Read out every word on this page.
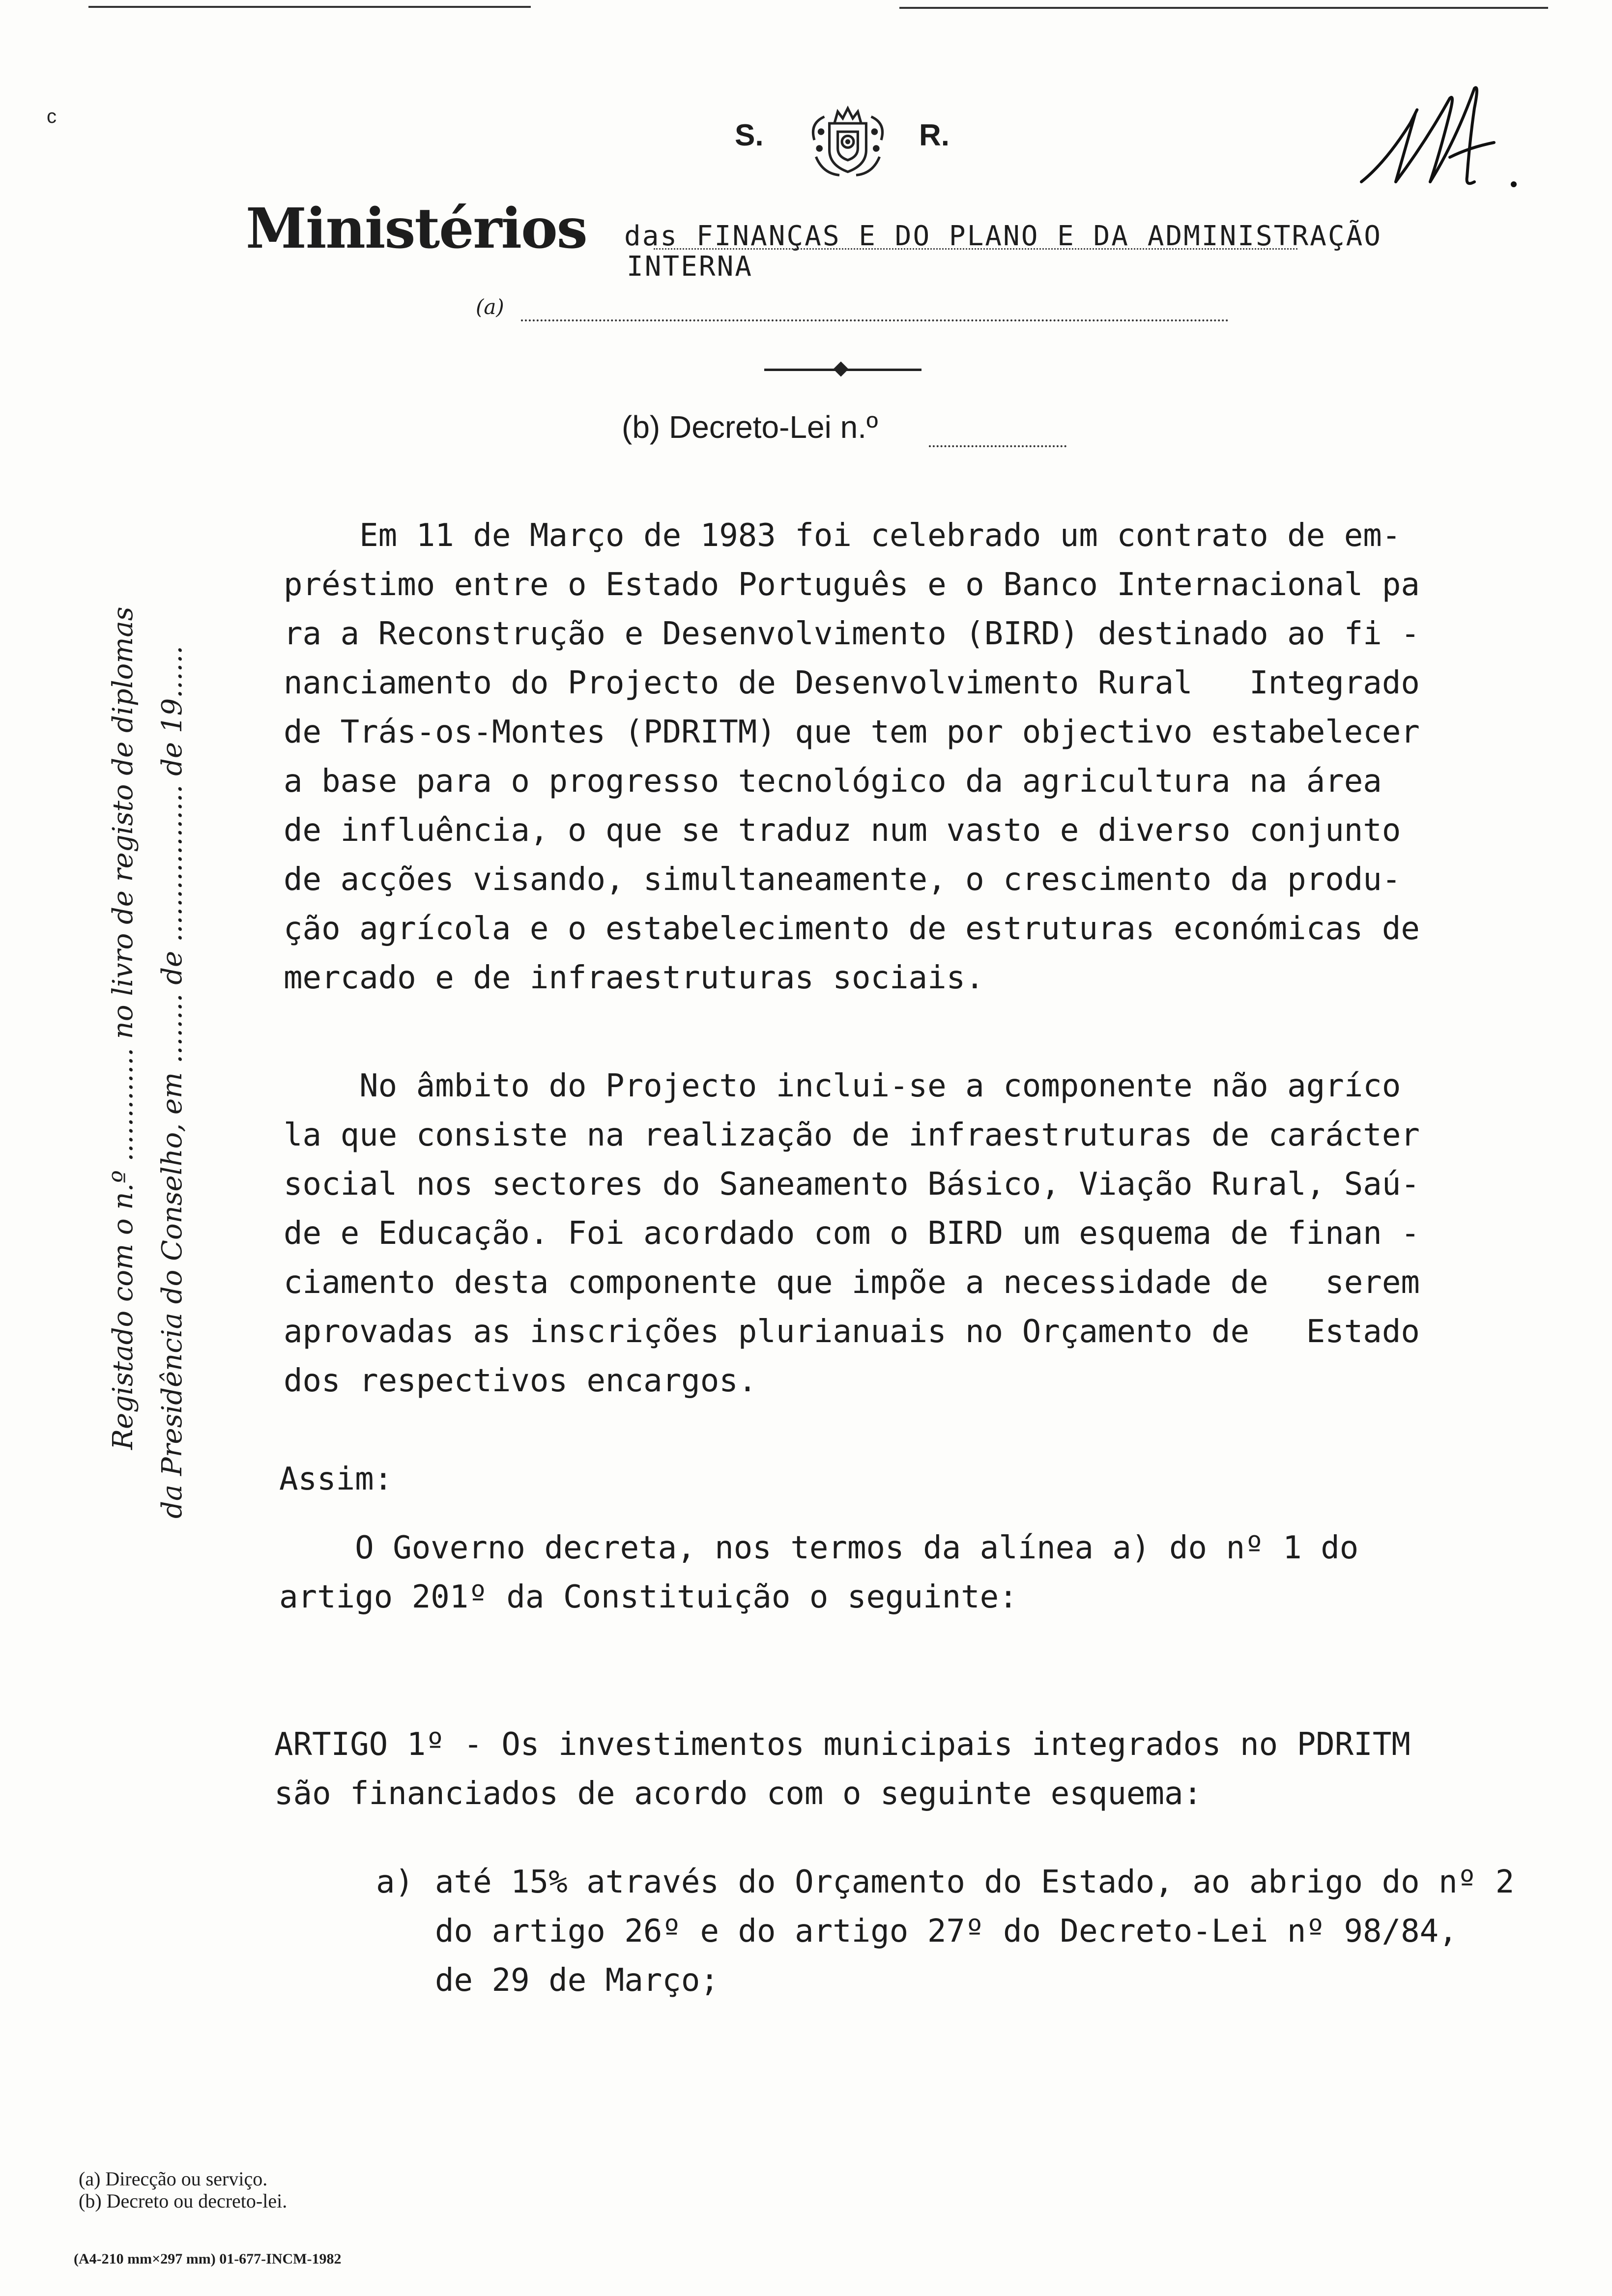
c
S.	R.
Ministérios das FINANÇAS E DO PLANO E DA ADMINISTRAÇÃO
INTERNA
(a)
(b) Decreto-Lei n.º
Registado com o n.º ............. no livro de registo de diplomas da Presidência do Conselho, em ........ de .................. de 19......
Em 11 de Março de 1983 foi celebrado um contrato de em-
préstimo entre o Estado Português e o Banco Internacional pa
ra a Reconstrução e Desenvolvimento (BIRD) destinado ao fi -
nanciamento do Projecto de Desenvolvimento Rural   Integrado
de Trás-os-Montes (PDRITM) que tem por objectivo estabelecer
a base para o progresso tecnológico da agricultura na área
de influência, o que se traduz num vasto e diverso conjunto
de acções visando, simultaneamente, o crescimento da produ-
ção agrícola e o estabelecimento de estruturas económicas de
mercado e de infraestruturas sociais.
No âmbito do Projecto inclui-se a componente não agríco
la que consiste na realização de infraestruturas de carácter
social nos sectores do Saneamento Básico, Viação Rural, Saú-
de e Educação. Foi acordado com o BIRD um esquema de finan -
ciamento desta componente que impõe a necessidade de   serem
aprovadas as inscrições plurianuais no Orçamento de   Estado
dos respectivos encargos.
Assim:
O Governo decreta, nos termos da alínea a) do nº 1 do
artigo 201º da Constituição o seguinte:
ARTIGO 1º - Os investimentos municipais integrados no PDRITM
são financiados de acordo com o seguinte esquema:
a) até 15% através do Orçamento do Estado, ao abrigo do nº 2
do artigo 26º e do artigo 27º do Decreto-Lei nº 98/84,
de 29 de Março;
(a) Direcção ou serviço.
(b) Decreto ou decreto-lei.
(A4-210 mm×297 mm) 01-677-INCM-1982
